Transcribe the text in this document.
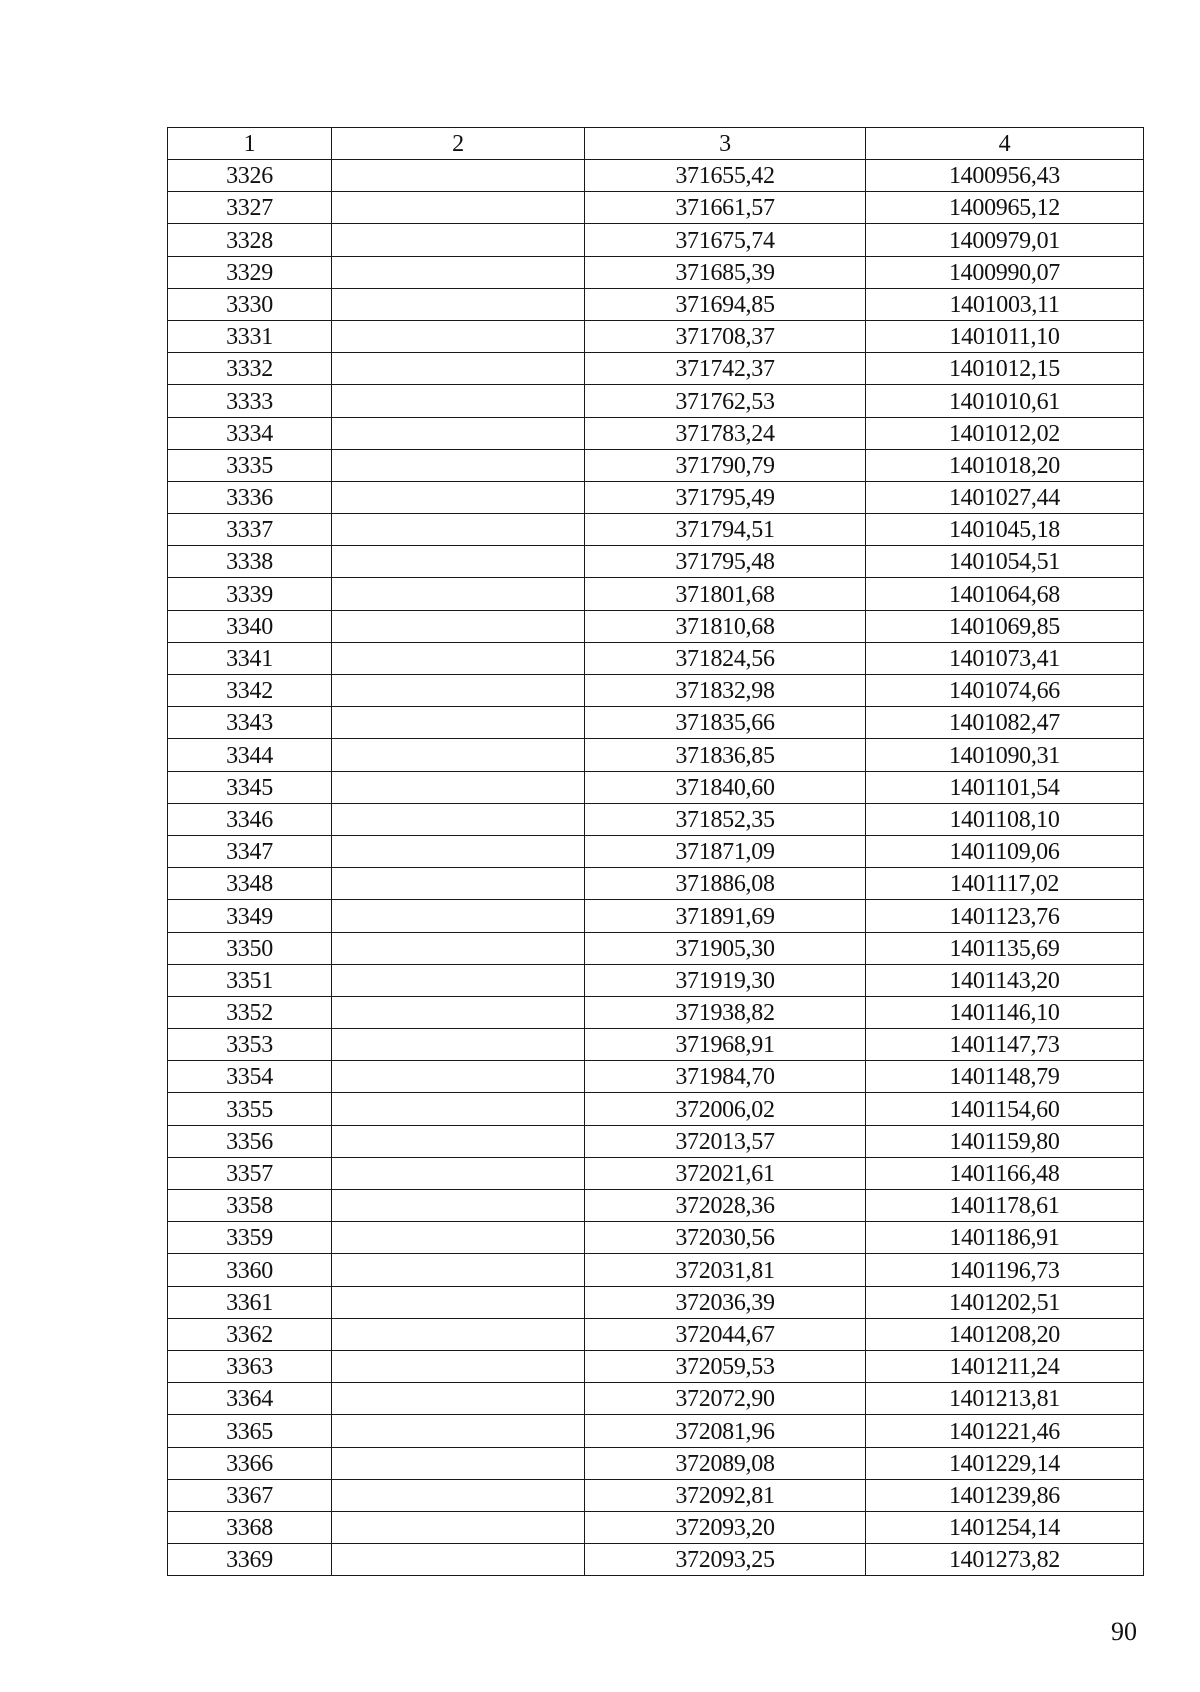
1	2	3	4
3326		371655,42	1400956,43
3327		371661,57	1400965,12
3328		371675,74	1400979,01
3329		371685,39	1400990,07
3330		371694,85	1401003,11
3331		371708,37	1401011,10
3332		371742,37	1401012,15
3333		371762,53	1401010,61
3334		371783,24	1401012,02
3335		371790,79	1401018,20
3336		371795,49	1401027,44
3337		371794,51	1401045,18
3338		371795,48	1401054,51
3339		371801,68	1401064,68
3340		371810,68	1401069,85
3341		371824,56	1401073,41
3342		371832,98	1401074,66
3343		371835,66	1401082,47
3344		371836,85	1401090,31
3345		371840,60	1401101,54
3346		371852,35	1401108,10
3347		371871,09	1401109,06
3348		371886,08	1401117,02
3349		371891,69	1401123,76
3350		371905,30	1401135,69
3351		371919,30	1401143,20
3352		371938,82	1401146,10
3353		371968,91	1401147,73
3354		371984,70	1401148,79
3355		372006,02	1401154,60
3356		372013,57	1401159,80
3357		372021,61	1401166,48
3358		372028,36	1401178,61
3359		372030,56	1401186,91
3360		372031,81	1401196,73
3361		372036,39	1401202,51
3362		372044,67	1401208,20
3363		372059,53	1401211,24
3364		372072,90	1401213,81
3365		372081,96	1401221,46
3366		372089,08	1401229,14
3367		372092,81	1401239,86
3368		372093,20	1401254,14
3369		372093,25	1401273,82
90
